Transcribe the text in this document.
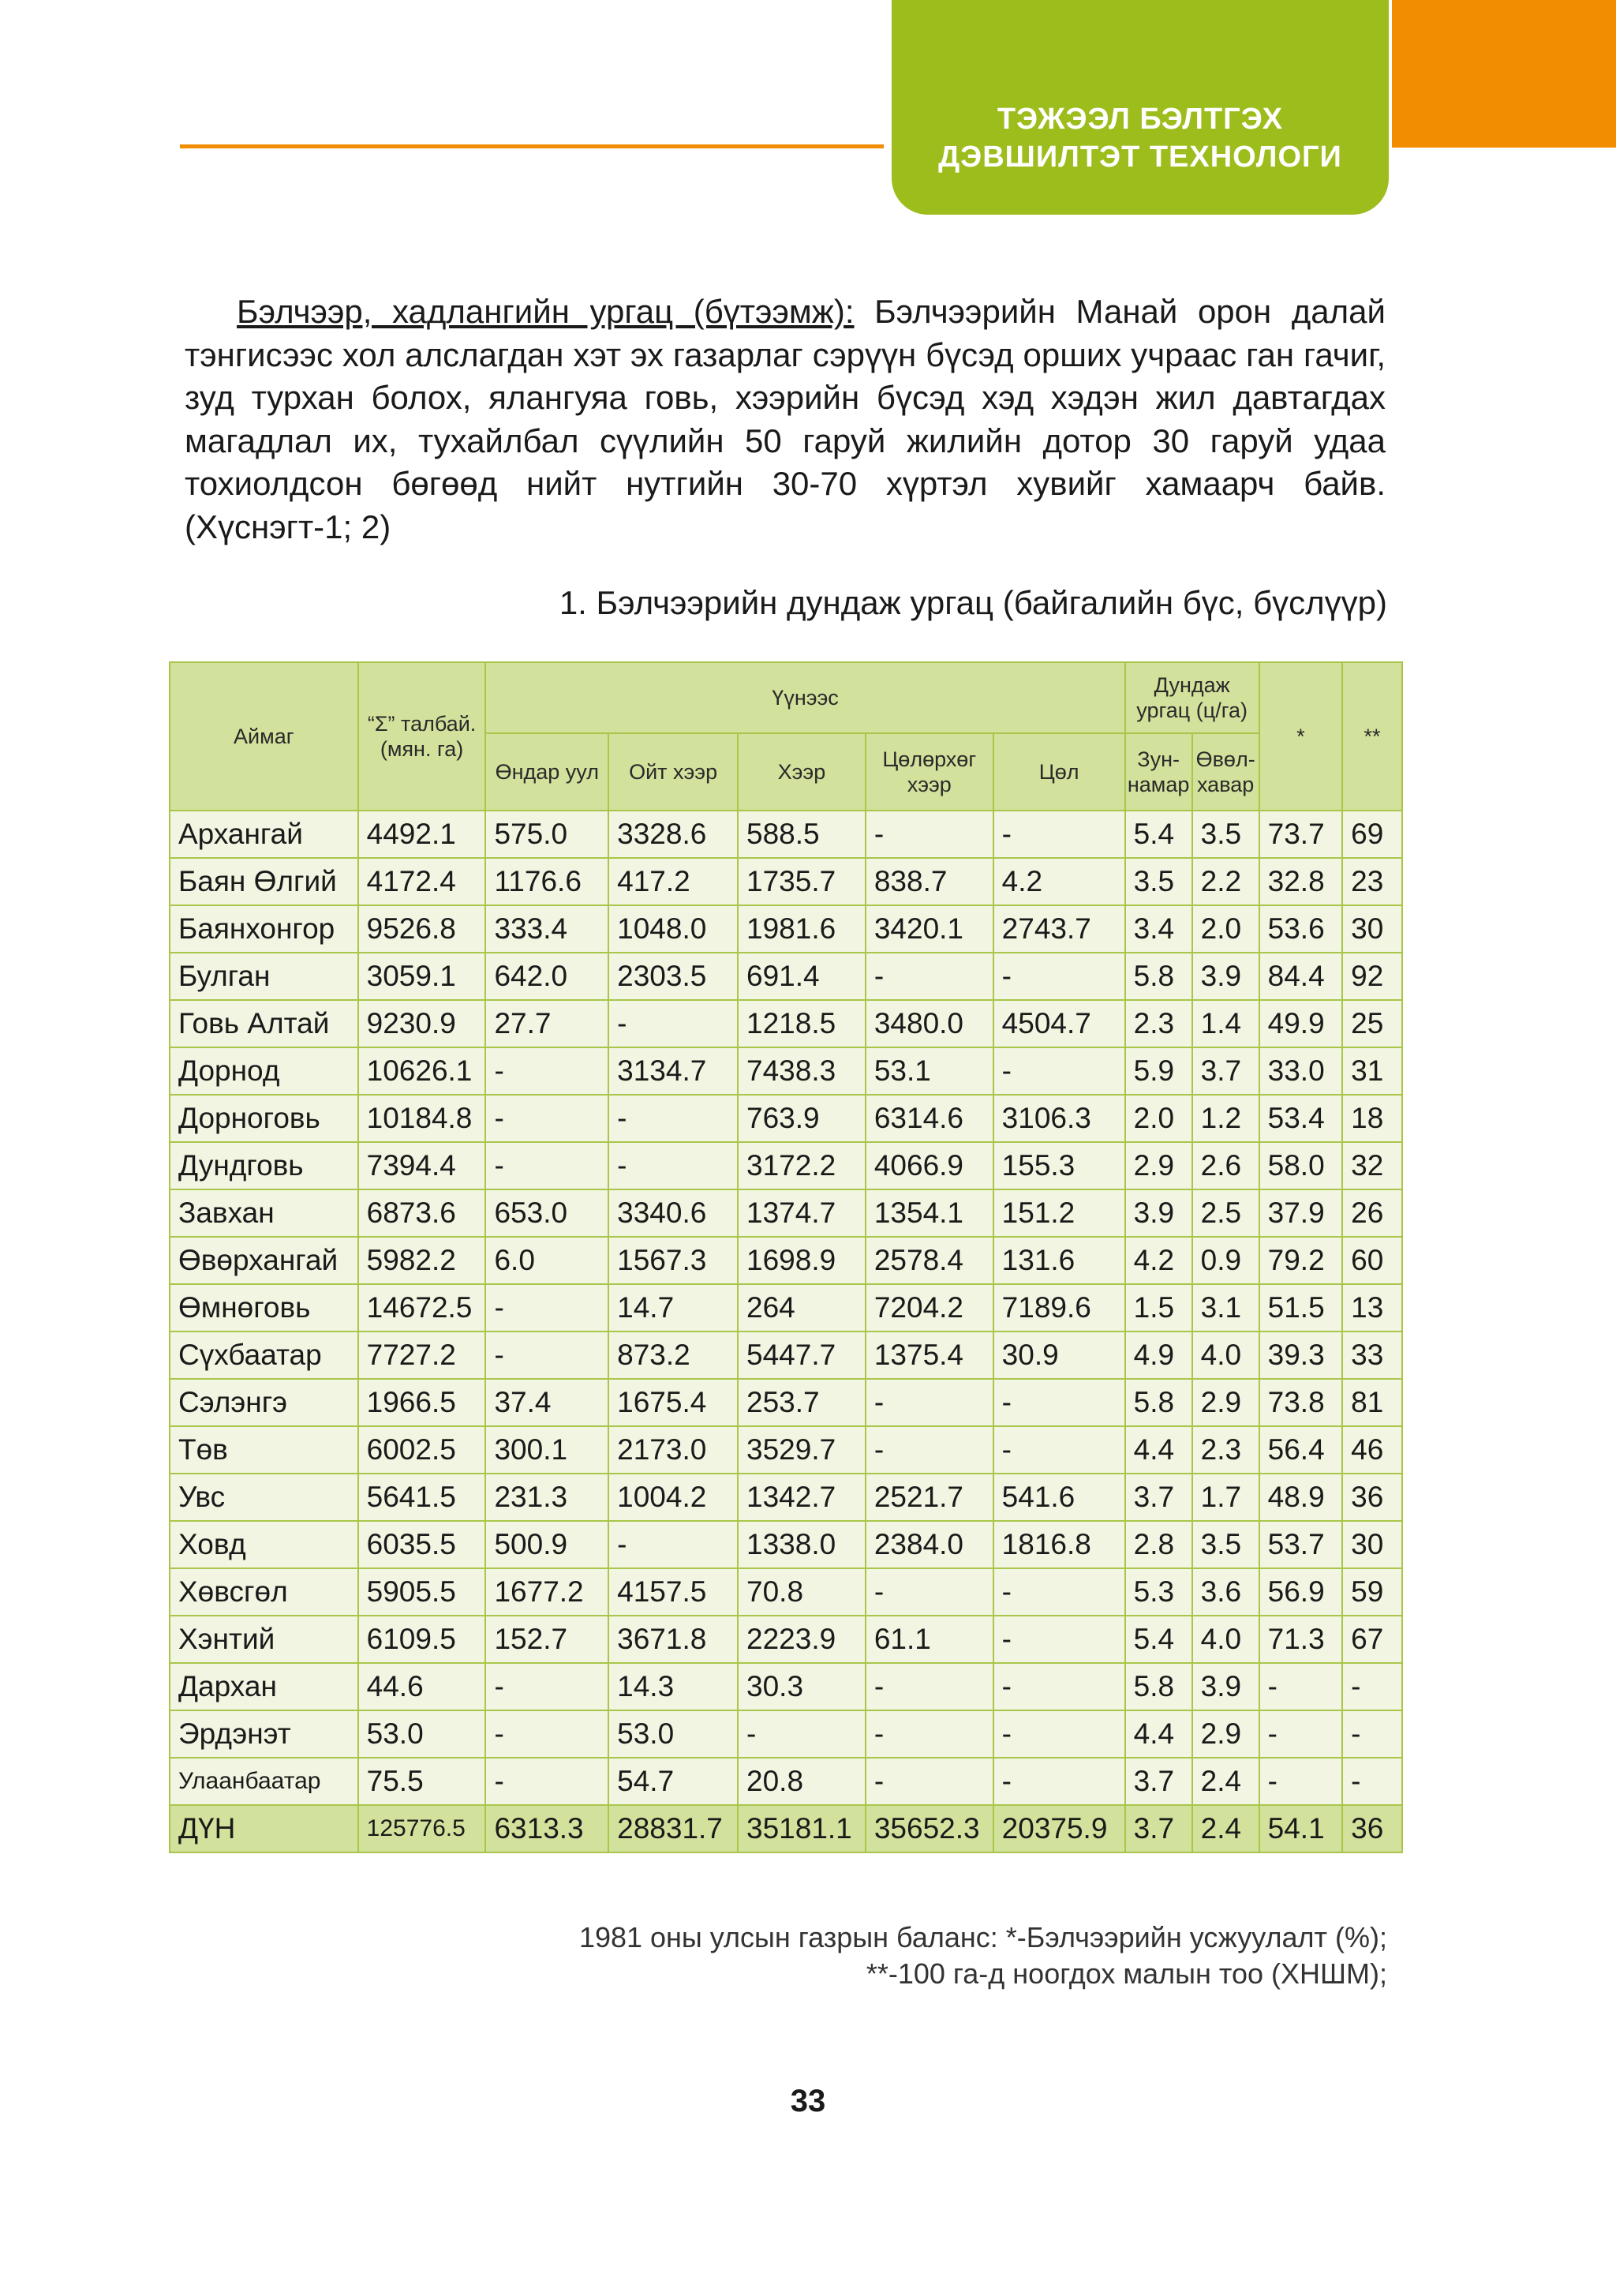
ТЭЖЭЭЛ БЭЛТГЭХ
ДЭВШИЛТЭТ ТЕХНОЛОГИ

Бэлчээр, хадлангийн ургац (бүтээмж): Бэлчээрийн Манай орон далай тэнгисээс хол алслагдан хэт эх газарлаг сэрүүн бүсэд орших учраас ган гачиг, зуд турхан болох, ялангуяа говь, хээрийн бүсэд хэд хэдэн жил давтагдах магадлал их, тухайлбал сүүлийн 50 гаруй жилийн дотор 30 гаруй удаа тохиолдсон бөгөөд нийт нутгийн 30-70 хүртэл хувийг хамаарч байв. (Хүснэгт-1; 2)

1. Бэлчээрийн дундаж ургац (байгалийн бүс, бүслүүр)
Аймаг	“Σ” талбай. (мян. га)	Үүнээс					Дундаж ургац (ц/га)		*	**
		Өндар уул	Ойт хээр	Хээр	Цөлөрхөг хээр	Цөл	Зун-намар	Өвөл-хавар		
Архангай	4492.1	575.0	3328.6	588.5	-	-	5.4	3.5	73.7	69
Баян Өлгий	4172.4	1176.6	417.2	1735.7	838.7	4.2	3.5	2.2	32.8	23
Баянхонгор	9526.8	333.4	1048.0	1981.6	3420.1	2743.7	3.4	2.0	53.6	30
Булган	3059.1	642.0	2303.5	691.4	-	-	5.8	3.9	84.4	92
Говь Алтай	9230.9	27.7	-	1218.5	3480.0	4504.7	2.3	1.4	49.9	25
Дорнод	10626.1	-	3134.7	7438.3	53.1	-	5.9	3.7	33.0	31
Дорноговь	10184.8	-	-	763.9	6314.6	3106.3	2.0	1.2	53.4	18
Дундговь	7394.4	-	-	3172.2	4066.9	155.3	2.9	2.6	58.0	32
Завхан	6873.6	653.0	3340.6	1374.7	1354.1	151.2	3.9	2.5	37.9	26
Өвөрхангай	5982.2	6.0	1567.3	1698.9	2578.4	131.6	4.2	0.9	79.2	60
Өмнөговь	14672.5	-	14.7	264	7204.2	7189.6	1.5	3.1	51.5	13
Сүхбаатар	7727.2	-	873.2	5447.7	1375.4	30.9	4.9	4.0	39.3	33
Сэлэнгэ	1966.5	37.4	1675.4	253.7	-	-	5.8	2.9	73.8	81
Төв	6002.5	300.1	2173.0	3529.7	-	-	4.4	2.3	56.4	46
Увс	5641.5	231.3	1004.2	1342.7	2521.7	541.6	3.7	1.7	48.9	36
Ховд	6035.5	500.9	-	1338.0	2384.0	1816.8	2.8	3.5	53.7	30
Хөвсгөл	5905.5	1677.2	4157.5	70.8	-	-	5.3	3.6	56.9	59
Хэнтий	6109.5	152.7	3671.8	2223.9	61.1	-	5.4	4.0	71.3	67
Дархан	44.6	-	14.3	30.3	-	-	5.8	3.9	-	-
Эрдэнэт	53.0	-	53.0	-	-	-	4.4	2.9	-	-
Улаанбаатар	75.5	-	54.7	20.8	-	-	3.7	2.4	-	-
ДҮН	125776.5	6313.3	28831.7	35181.1	35652.3	20375.9	3.7	2.4	54.1	36
1981 оны улсын газрын баланс: *-Бэлчээрийн усжуулалт (%);
**-100 га-д ноогдох малын тоо (ХНШМ);
33
